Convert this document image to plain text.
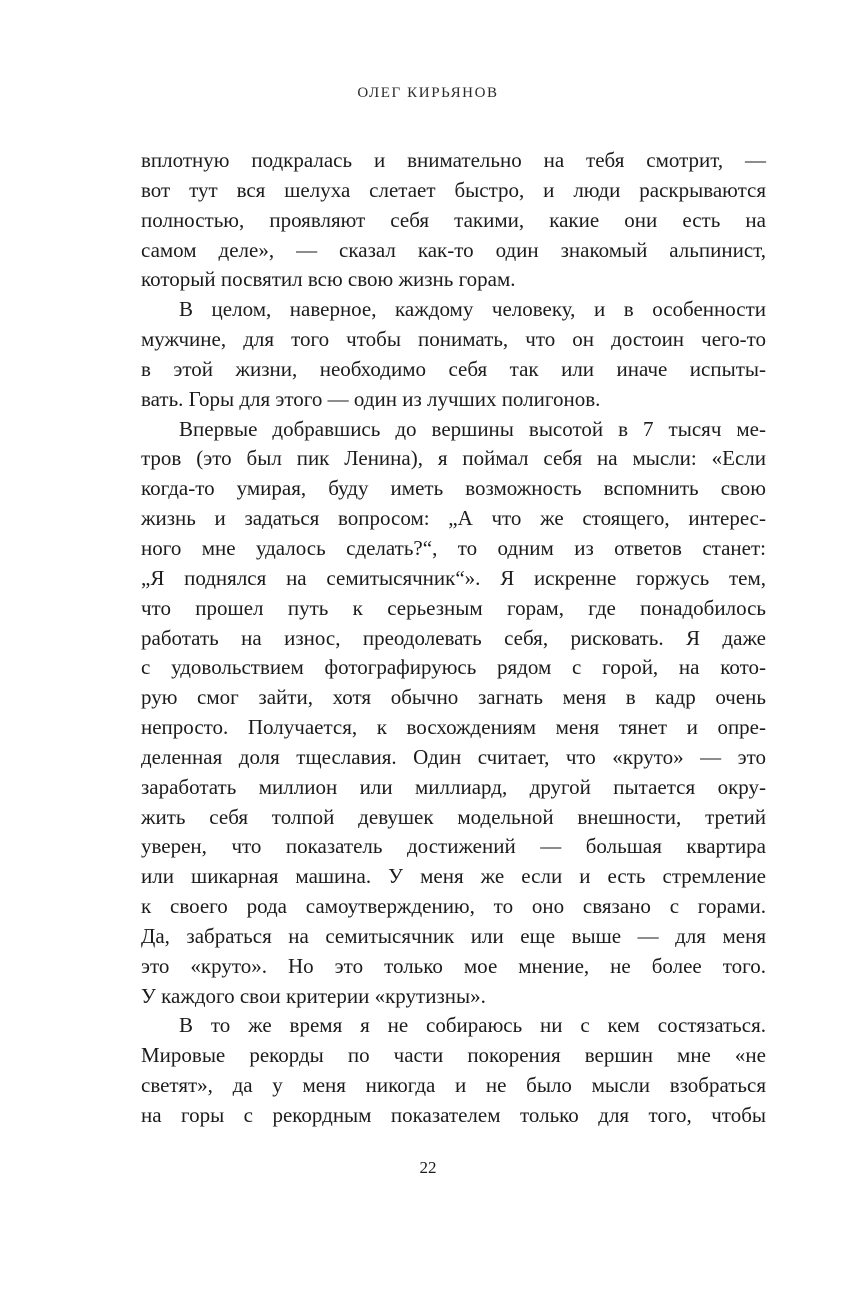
ОЛЕГ КИРЬЯНОВ
вплотную подкралась и внимательно на тебя смотрит, —
вот тут вся шелуха слетает быстро, и люди раскрываются
полностью, проявляют себя такими, какие они есть на
самом деле», — сказал как-то один знакомый альпинист,
который посвятил всю свою жизнь горам.
В целом, наверное, каждому человеку, и в особенности
мужчине, для того чтобы понимать, что он достоин чего-то
в этой жизни, необходимо себя так или иначе испыты-
вать. Горы для этого — один из лучших полигонов.
Впервые добравшись до вершины высотой в 7 тысяч ме-
тров (это был пик Ленина), я поймал себя на мысли: «Если
когда-то умирая, буду иметь возможность вспомнить свою
жизнь и задаться вопросом: „А что же стоящего, интерес-
ного мне удалось сделать?“, то одним из ответов станет:
„Я поднялся на семитысячник“». Я искренне горжусь тем,
что прошел путь к серьезным горам, где понадобилось
работать на износ, преодолевать себя, рисковать. Я даже
с удовольствием фотографируюсь рядом с горой, на кото-
рую смог зайти, хотя обычно загнать меня в кадр очень
непросто. Получается, к восхождениям меня тянет и опре-
деленная доля тщеславия. Один считает, что «круто» — это
заработать миллион или миллиард, другой пытается окру-
жить себя толпой девушек модельной внешности, третий
уверен, что показатель достижений — большая квартира
или шикарная машина. У меня же если и есть стремление
к своего рода самоутверждению, то оно связано с горами.
Да, забраться на семитысячник или еще выше — для меня
это «круто». Но это только мое мнение, не более того.
У каждого свои критерии «крутизны».
В то же время я не собираюсь ни с кем состязаться.
Мировые рекорды по части покорения вершин мне «не
светят», да у меня никогда и не было мысли взобраться
на горы с рекордным показателем только для того, чтобы
22
